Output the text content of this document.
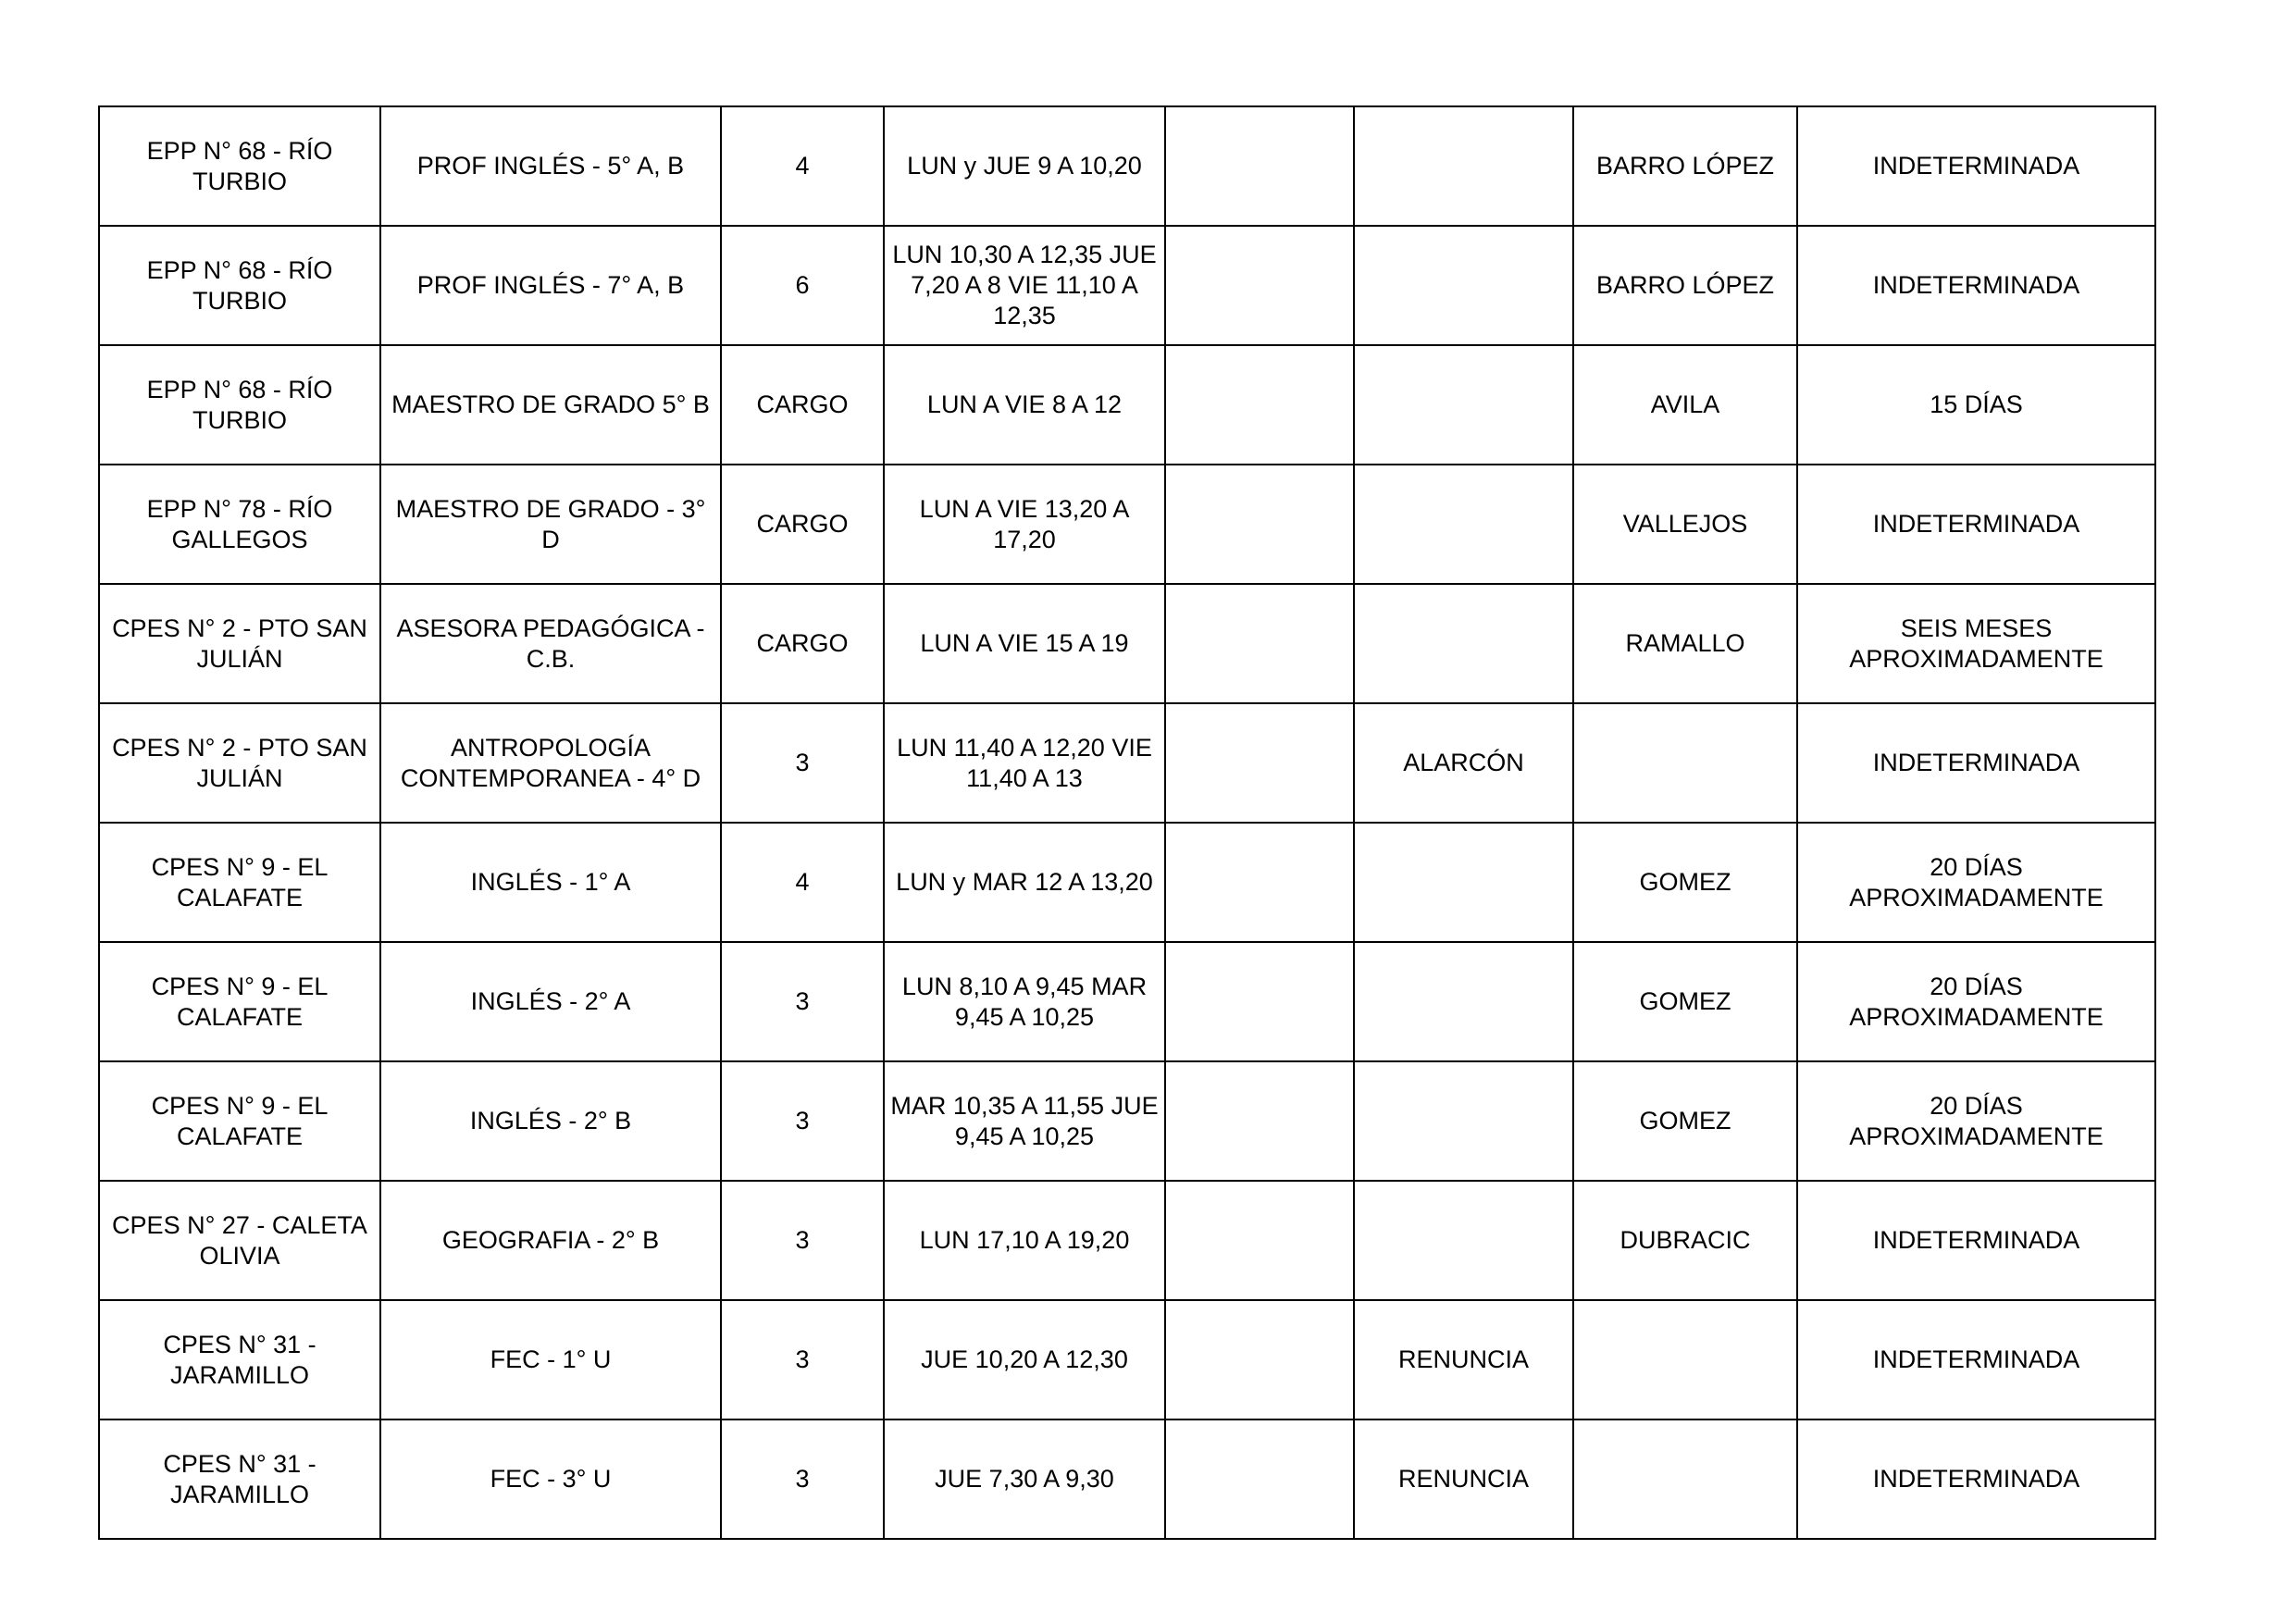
EPP N° 68 - RÍO TURBIO	PROF INGLÉS - 5° A, B	4	LUN y JUE 9 A 10,20			BARRO LÓPEZ	INDETERMINADA
EPP N° 68 - RÍO TURBIO	PROF INGLÉS - 7° A, B	6	LUN 10,30 A 12,35 JUE 7,20 A 8 VIE 11,10 A 12,35			BARRO LÓPEZ	INDETERMINADA
EPP N° 68 - RÍO TURBIO	MAESTRO DE GRADO 5° B	CARGO	LUN A VIE 8 A 12			AVILA	15 DÍAS
EPP N° 78 - RÍO GALLEGOS	MAESTRO DE GRADO - 3° D	CARGO	LUN A VIE 13,20 A 17,20			VALLEJOS	INDETERMINADA
CPES N° 2 - PTO SAN JULIÁN	ASESORA PEDAGÓGICA - C.B.	CARGO	LUN A VIE 15 A 19			RAMALLO	SEIS MESES APROXIMADAMENTE
CPES N° 2 - PTO SAN JULIÁN	ANTROPOLOGÍA CONTEMPORANEA - 4° D	3	LUN 11,40 A 12,20 VIE 11,40 A 13		ALARCÓN		INDETERMINADA
CPES N° 9 - EL CALAFATE	INGLÉS - 1° A	4	LUN y MAR 12 A 13,20			GOMEZ	20 DÍAS APROXIMADAMENTE
CPES N° 9 - EL CALAFATE	INGLÉS - 2° A	3	LUN 8,10 A 9,45 MAR 9,45 A 10,25			GOMEZ	20 DÍAS APROXIMADAMENTE
CPES N° 9 - EL CALAFATE	INGLÉS - 2° B	3	MAR 10,35 A 11,55 JUE 9,45 A 10,25			GOMEZ	20 DÍAS APROXIMADAMENTE
CPES N° 27 - CALETA OLIVIA	GEOGRAFIA - 2° B	3	LUN 17,10 A 19,20			DUBRACIC	INDETERMINADA
CPES N° 31 - JARAMILLO	FEC - 1° U	3	JUE 10,20 A 12,30		RENUNCIA		INDETERMINADA
CPES N° 31 - JARAMILLO	FEC - 3° U	3	JUE 7,30 A 9,30		RENUNCIA		INDETERMINADA
